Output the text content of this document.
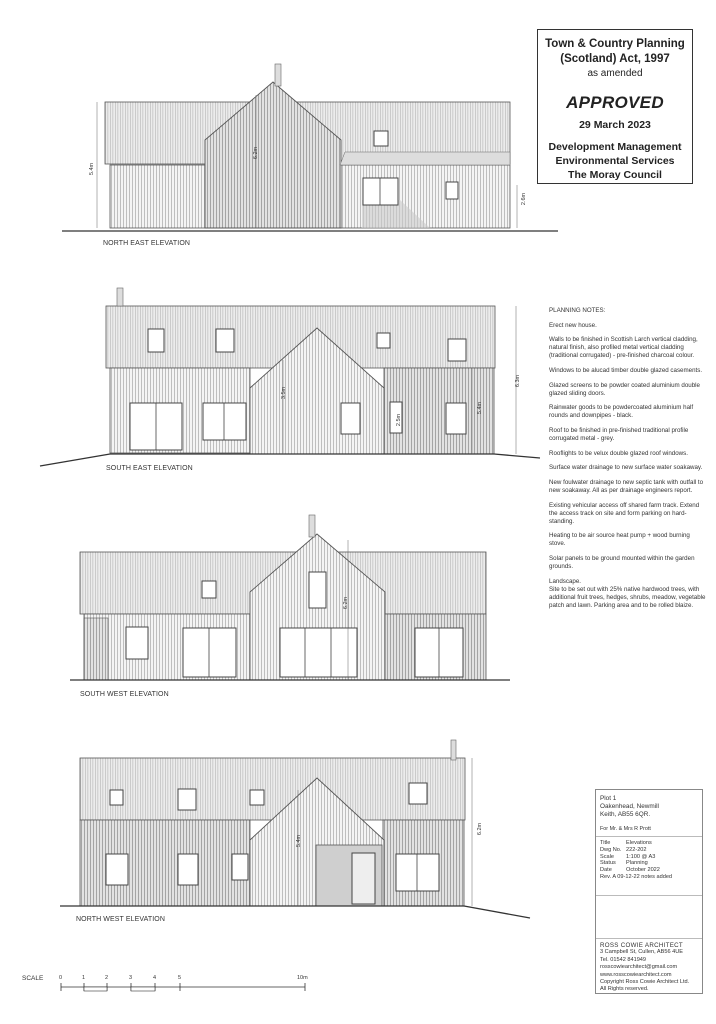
Town & Country Planning
(Scotland) Act, 1997
as amended
APPROVED
29 March 2023
Development Management
Environmental Services
The Moray Council
NORTH EAST ELEVATION
5.4m
6.2m
2.6m
SOUTH EAST ELEVATION
3.5m
5.4m
6.3m
2.5m
SOUTH WEST ELEVATION
6.2m
NORTH WEST ELEVATION
5.4m
6.2m

PLANNING NOTES:

Erect new house.

Walls to be finished in Scottish Larch vertical cladding, natural finish, also profiled metal vertical cladding (traditional corrugated) - pre-finished charcoal colour.

Windows to be alucad timber double glazed casements.

Glazed screens to be powder coated aluminium double glazed sliding doors.

Rainwater goods to be powdercoated aluminium half rounds and downpipes - black.

Roof to be finished in pre-finished traditional profile corrugated metal - grey.

Rooflights to be velux double glazed roof windows.

Surface water drainage to new surface water soakaway.

New foulwater drainage to new septic tank with outfall to new soakaway. All as per drainage engineers report.

Existing vehicular access off shared farm track. Extend the access track on site and form parking on hard-standing.

Heating to be air source heat pump + wood burning stove.

Solar panels to be ground mounted within the garden grounds.

Landscape.
Site to be set out with 25% native hardwood trees, with additional fruit trees, hedges, shrubs, meadow, vegetable patch and lawn. Parking area and to be rolled blaize.

Plot 1
Oakenhead, Newmill
Keith, AB55 6QR.
For Mr. & Mrs R Prott
Title	Elevations
Dwg No. 222-202
Scale	1:100 @ A3
Status	Planning
Date	October 2022
Rev. A 09-12-22 notes added
ROSS COWIE ARCHITECT
3 Campbell St, Cullen, AB56 4UE
Tel. 01542 841949
rosscowiearchitect@gmail.com
www.rosscowiearchitect.com
Copyright Ross Cowie Architect Ltd.
All Rights reserved.
SCALE	0	1	2	3	4	5	10m
